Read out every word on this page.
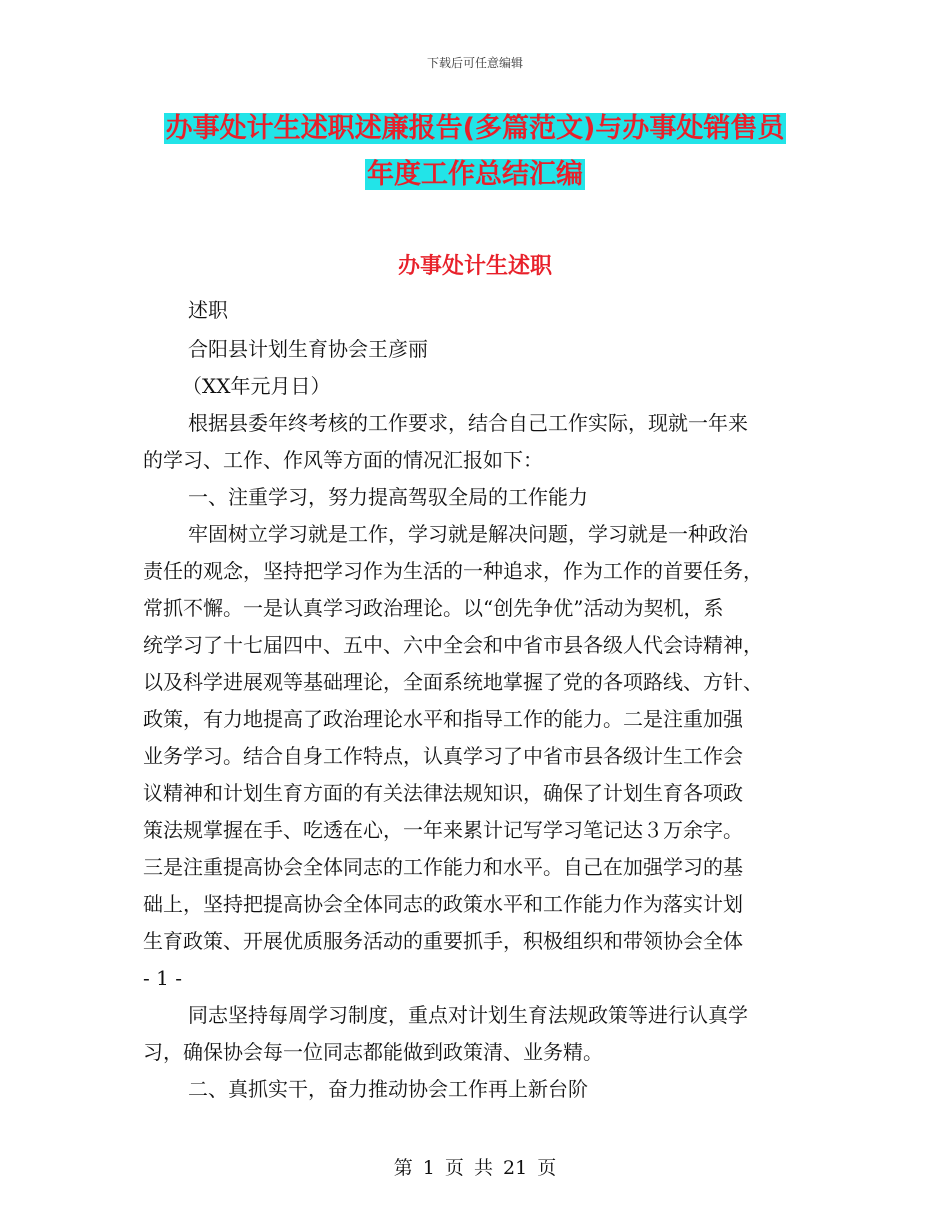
下载后可任意编辑
办事处计生述职述廉报告(多篇范文)与办事处销售员
年度工作总结汇编
办事处计生述职
述职
合阳县计划生育协会王彦丽
（XX年元月日）
根据县委年终考核的工作要求，结合自己工作实际，现就一年来
的学习、工作、作风等方面的情况汇报如下：
一、注重学习，努力提高驾驭全局的工作能力
牢固树立学习就是工作，学习就是解决问题，学习就是一种政治
责任的观念，坚持把学习作为生活的一种追求，作为工作的首要任务，
常抓不懈。一是认真学习政治理论。以“创先争优”活动为契机，系
统学习了十七届四中、五中、六中全会和中省市县各级人代会诗精神，
以及科学进展观等基础理论，全面系统地掌握了党的各项路线、方针、
政策，有力地提高了政治理论水平和指导工作的能力。二是注重加强
业务学习。结合自身工作特点，认真学习了中省市县各级计生工作会
议精神和计划生育方面的有关法律法规知识，确保了计划生育各项政
策法规掌握在手、吃透在心，一年来累计记写学习笔记达３万余字。
三是注重提高协会全体同志的工作能力和水平。自己在加强学习的基
础上，坚持把提高协会全体同志的政策水平和工作能力作为落实计划
生育政策、开展优质服务活动的重要抓手，积极组织和带领协会全体
- 1 -
同志坚持每周学习制度，重点对计划生育法规政策等进行认真学
习，确保协会每一位同志都能做到政策清、业务精。
二、真抓实干，奋力推动协会工作再上新台阶
第 1 页 共 21 页
